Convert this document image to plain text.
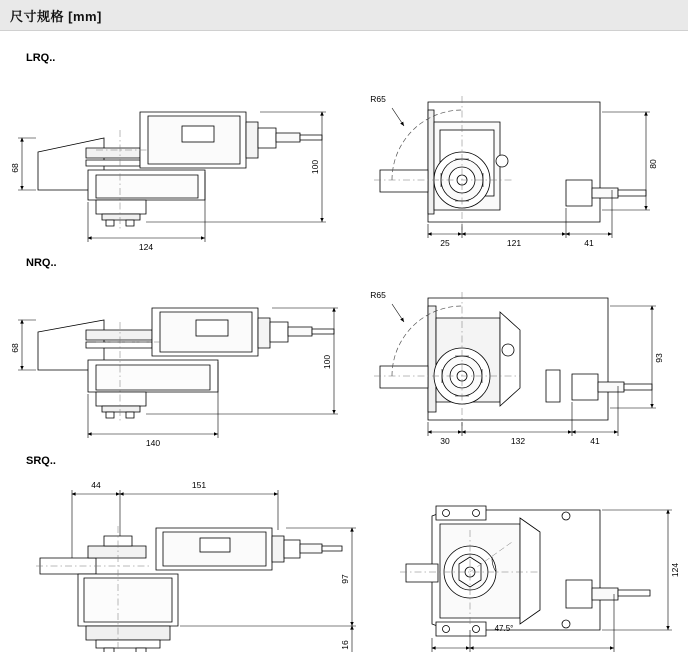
尺寸规格 [mm]
LRQ..
NRQ..
SRQ..
68	100
124
R65
80
25	121	41
68
100
140
R65
93
30	132	41
44	151
97
16
124
47.5°
